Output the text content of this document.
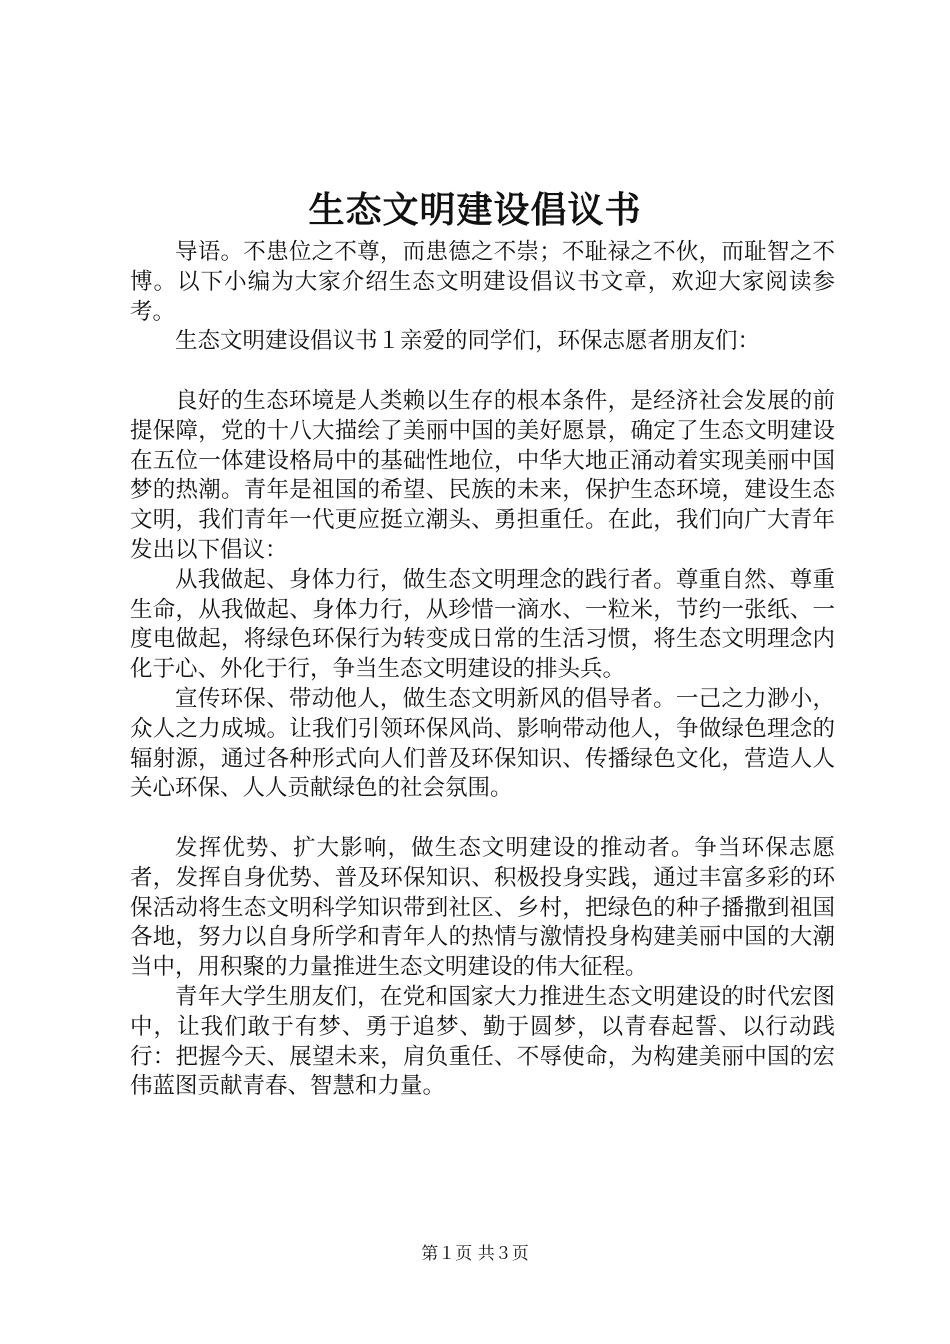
生态文明建设倡议书

导语。不患位之不尊，而患德之不崇；不耻禄之不伙，而耻智之不博。以下小编为大家介绍生态文明建设倡议书文章，欢迎大家阅读参考。

生态文明建设倡议书１亲爱的同学们，环保志愿者朋友们：

良好的生态环境是人类赖以生存的根本条件，是经济社会发展的前提保障，党的十八大描绘了美丽中国的美好愿景，确定了生态文明建设在五位一体建设格局中的基础性地位，中华大地正涌动着实现美丽中国梦的热潮。青年是祖国的希望、民族的未来，保护生态环境，建设生态文明，我们青年一代更应挺立潮头、勇担重任。在此，我们向广大青年发出以下倡议：

从我做起、身体力行，做生态文明理念的践行者。尊重自然、尊重生命，从我做起、身体力行，从珍惜一滴水、一粒米，节约一张纸、一度电做起，将绿色环保行为转变成日常的生活习惯，将生态文明理念内化于心、外化于行，争当生态文明建设的排头兵。

宣传环保、带动他人，做生态文明新风的倡导者。一己之力渺小，众人之力成城。让我们引领环保风尚、影响带动他人，争做绿色理念的辐射源，通过各种形式向人们普及环保知识、传播绿色文化，营造人人关心环保、人人贡献绿色的社会氛围。

发挥优势、扩大影响，做生态文明建设的推动者。争当环保志愿者，发挥自身优势、普及环保知识、积极投身实践，通过丰富多彩的环保活动将生态文明科学知识带到社区、乡村，把绿色的种子播撒到祖国各地，努力以自身所学和青年人的热情与激情投身构建美丽中国的大潮当中，用积聚的力量推进生态文明建设的伟大征程。

青年大学生朋友们，在党和国家大力推进生态文明建设的时代宏图中，让我们敢于有梦、勇于追梦、勤于圆梦，以青春起誓、以行动践行：把握今天、展望未来，肩负重任、不辱使命，为构建美丽中国的宏伟蓝图贡献青春、智慧和力量。

第１页 共３页
